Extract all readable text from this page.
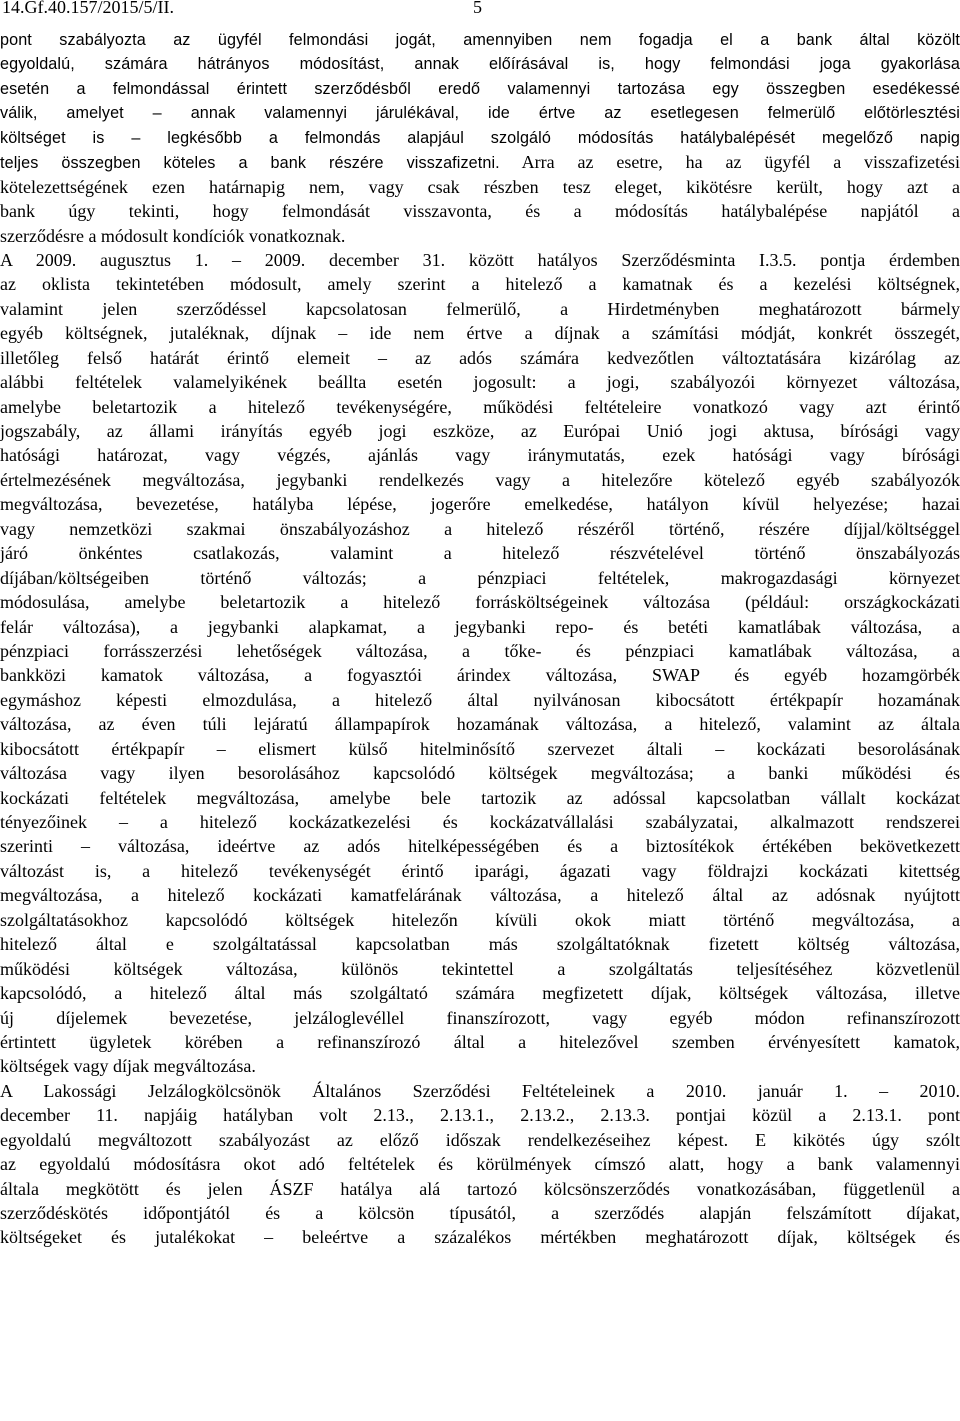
14.Gf.40.157/2015/5/II.	5
pont szabályozta az ügyfél felmondási jogát, amennyiben nem fogadja el a bank által közölt
egyoldalú, számára hátrányos módosítást, annak előírásával is, hogy felmondási joga gyakorlása
esetén a felmondással érintett szerződésből eredő valamennyi tartozása egy összegben esedékessé
válik, amelyet – annak valamennyi járulékával, ide értve az esetlegesen felmerülő előtörlesztési
költséget is – legkésőbb a felmondás alapjául szolgáló módosítás hatálybalépését megelőző napig
teljes összegben köteles a bank részére visszafizetni. Arra az esetre, ha az ügyfél a visszafizetési
kötelezettségének ezen határnapig nem, vagy csak részben tesz eleget, kikötésre került, hogy azt a
bank úgy tekinti, hogy felmondását visszavonta, és a módosítás hatálybalépése napjától a
szerződésre a módosult kondíciók vonatkoznak.
A 2009. augusztus 1. – 2009. december 31. között hatályos Szerződésminta I.3.5. pontja érdemben
az oklista tekintetében módosult, amely szerint a hitelező a kamatnak és a kezelési költségnek,
valamint jelen szerződéssel kapcsolatosan felmerülő, a Hirdetményben meghatározott bármely
egyéb költségnek, jutaléknak, díjnak – ide nem értve a díjnak a számítási módját, konkrét összegét,
illetőleg felső határát érintő elemeit – az adós számára kedvezőtlen változtatására kizárólag az
alábbi feltételek valamelyikének beállta esetén jogosult: a jogi, szabályozói környezet változása,
amelybe beletartozik a hitelező tevékenységére, működési feltételeire vonatkozó vagy azt érintő
jogszabály, az állami irányítás egyéb jogi eszköze, az Európai Unió jogi aktusa, bírósági vagy
hatósági határozat, vagy végzés, ajánlás vagy iránymutatás, ezek hatósági vagy bírósági
értelmezésének megváltozása, jegybanki rendelkezés vagy a hitelezőre kötelező egyéb szabályozók
megváltozása, bevezetése, hatályba lépése, jogerőre emelkedése, hatályon kívül helyezése; hazai
vagy nemzetközi szakmai önszabályozáshoz a hitelező részéről történő, részére díjjal/költséggel
járó önkéntes csatlakozás, valamint a hitelező részvételével történő önszabályozás
díjában/költségeiben történő változás; a pénzpiaci feltételek, makrogazdasági környezet
módosulása, amelybe beletartozik a hitelező forrásköltségeinek változása (például: országkockázati
felár változása), a jegybanki alapkamat, a jegybanki repo- és betéti kamatlábak változása, a
pénzpiaci forrásszerzési lehetőségek változása, a tőke- és pénzpiaci kamatlábak változása, a
bankközi kamatok változása, a fogyasztói árindex változása, SWAP és egyéb hozamgörbék
egymáshoz képesti elmozdulása, a hitelező által nyilvánosan kibocsátott értékpapír hozamának
változása, az éven túli lejáratú állampapírok hozamának változása, a hitelező, valamint az általa
kibocsátott értékpapír – elismert külső hitelminősítő szervezet általi – kockázati besorolásának
változása vagy ilyen besorolásához kapcsolódó költségek megváltozása; a banki működési és
kockázati feltételek megváltozása, amelybe bele tartozik az adóssal kapcsolatban vállalt kockázat
tényezőinek – a hitelező kockázatkezelési és kockázatvállalási szabályzatai, alkalmazott rendszerei
szerinti – változása, ideértve az adós hitelképességében és a biztosítékok értékében bekövetkezett
változást is, a hitelező tevékenységét érintő iparági, ágazati vagy földrajzi kockázati kitettség
megváltozása, a hitelező kockázati kamatfelárának változása, a hitelező által az adósnak nyújtott
szolgáltatásokhoz kapcsolódó költségek hitelezőn kívüli okok miatt történő megváltozása, a
hitelező által e szolgáltatással kapcsolatban más szolgáltatóknak fizetett költség változása,
működési költségek változása, különös tekintettel a szolgáltatás teljesítéséhez közvetlenül
kapcsolódó, a hitelező által más szolgáltató számára megfizetett díjak, költségek változása, illetve
új díjelemek bevezetése, jelzáloglevéllel finanszírozott, vagy egyéb módon refinanszírozott
értintett ügyletek körében a refinanszírozó által a hitelezővel szemben érvényesített kamatok,
költségek vagy díjak megváltozása.
A Lakossági Jelzálogkölcsönök Általános Szerződési Feltételeinek a 2010. január 1. – 2010.
december 11. napjáig hatályban volt 2.13., 2.13.1., 2.13.2., 2.13.3. pontjai közül a 2.13.1. pont
egyoldalú megváltozott szabályozást az előző időszak rendelkezéseihez képest. E kikötés úgy szólt
az egyoldalú módosításra okot adó feltételek és körülmények címszó alatt, hogy a bank valamennyi
általa megkötött és jelen ÁSZF hatálya alá tartozó kölcsönszerződés vonatkozásában, függetlenül a
szerződéskötés időpontjától és a kölcsön típusától, a szerződés alapján felszámított díjakat,
költségeket és jutalékokat – beleértve a százalékos mértékben meghatározott díjak, költségek és
